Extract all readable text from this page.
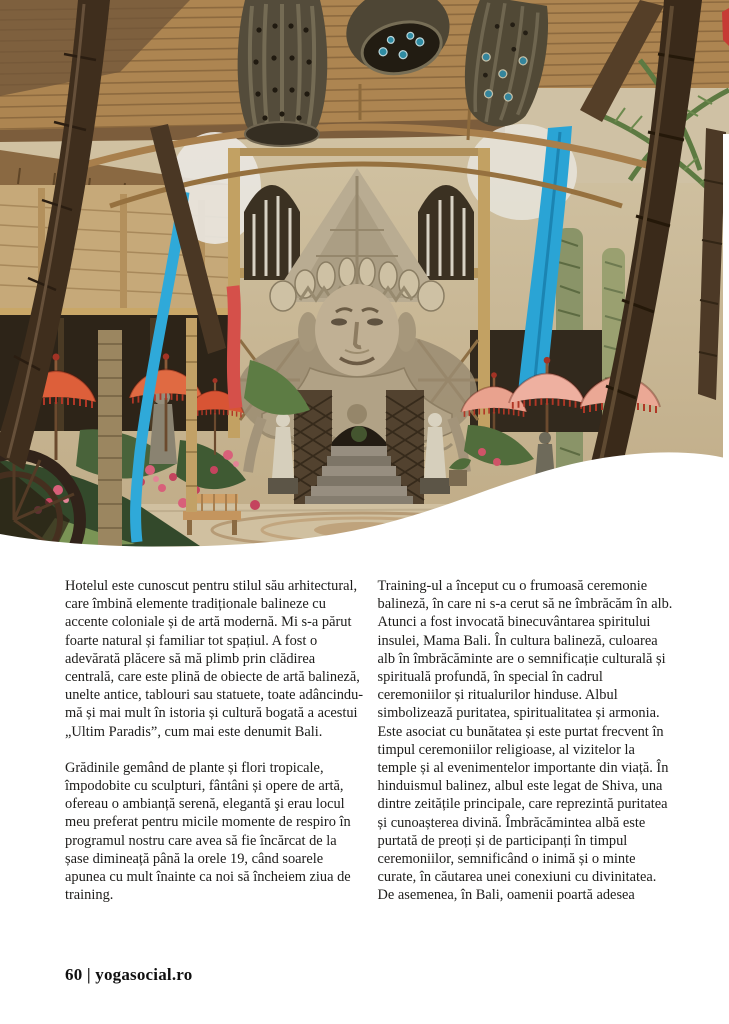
Hotelul este cunoscut pentru stilul său arhitectural, care îmbină elemente tradiționale balineze cu accente coloniale și de artă modernă. Mi s-a părut foarte natural și familiar tot spațiul. A fost o adevărată plăcere să mă plimb prin clădirea centrală, care este plină de obiecte de artă balineză, unelte antice, tablouri sau statuete, toate adâncindu-mă și mai mult în istoria și cultură bogată a acestui „Ultim Paradis”, cum mai este denumit Bali.

Grădinile gemând de plante și flori tropicale, împodobite cu sculpturi, fântâni și opere de artă, ofereau o ambianță serenă, elegantă şi erau locul meu preferat pentru micile momente de respiro în programul nostru care avea să fie încărcat de la șase dimineață până la orele 19, când soarele apunea cu mult înainte ca noi să încheiem ziua de training.

Training-ul a început cu o frumoasă ceremonie balineză, în care ni s-a cerut să ne îmbrăcăm în alb. Atunci a fost invocată binecuvântarea spiritului insulei, Mama Bali. În cultura balineză, culoarea alb în îmbrăcăminte are o semnificație culturală și spirituală profundă, în special în cadrul ceremoniilor și ritualurilor hinduse. Albul simbolizează puritatea, spiritualitatea și armonia. Este asociat cu bunătatea și este purtat frecvent în timpul ceremoniilor religioase, al vizitelor la temple și al evenimentelor importante din viață. În hinduismul balinez, albul este legat de Shiva, una dintre zeitățile principale, care reprezintă puritatea și cunoașterea divină. Îmbrăcămintea albă este purtată de preoți și de participanți în timpul ceremoniilor, semnificând o inimă și o minte curate, în căutarea unei conexiuni cu divinitatea. De asemenea, în Bali, oamenii poartă adesea

60 | yogasocial.ro
